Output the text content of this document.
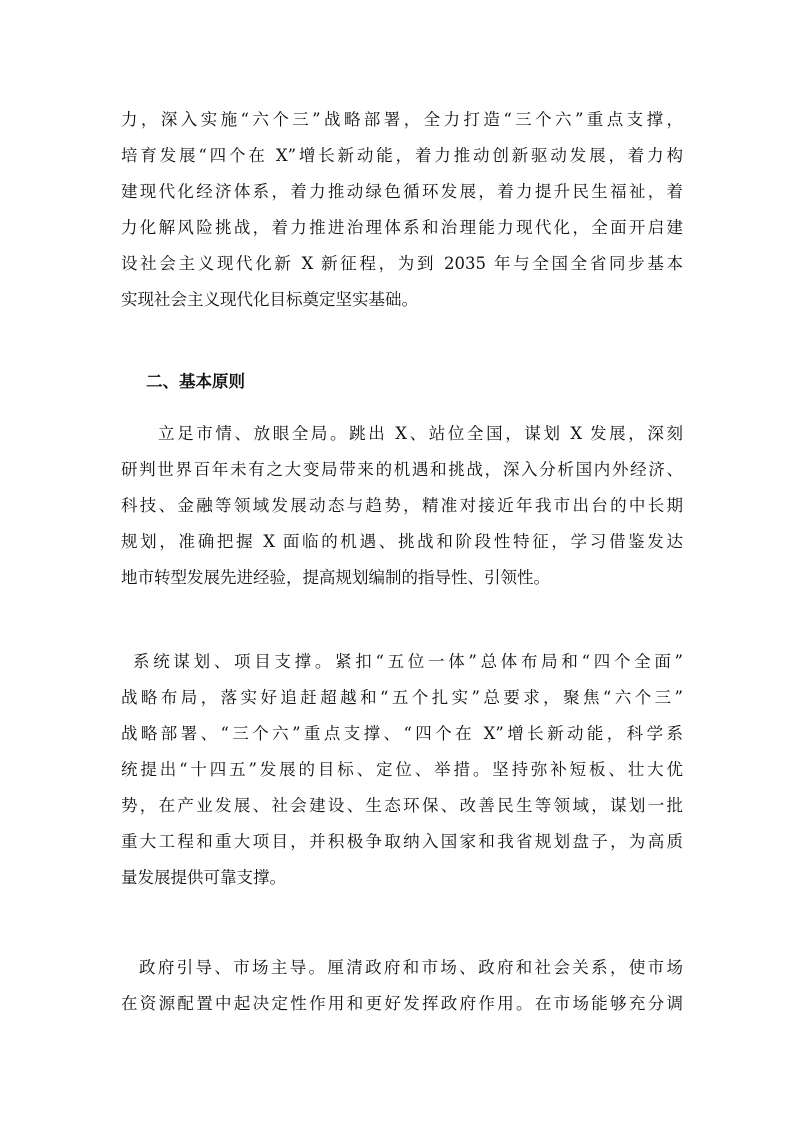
力，深入实施“六个三”战略部署，全力打造“三个六”重点支撑，
培育发展“四个在 X”增长新动能，着力推动创新驱动发展，着力构
建现代化经济体系，着力推动绿色循环发展，着力提升民生福祉，着
力化解风险挑战，着力推进治理体系和治理能力现代化，全面开启建
设社会主义现代化新 X 新征程，为到 2035 年与全国全省同步基本
实现社会主义现代化目标奠定坚实基础。
二、基本原则
立足市情、放眼全局。跳出 X、站位全国，谋划 X 发展，深刻
研判世界百年未有之大变局带来的机遇和挑战，深入分析国内外经济、
科技、金融等领域发展动态与趋势，精准对接近年我市出台的中长期
规划，准确把握 X 面临的机遇、挑战和阶段性特征，学习借鉴发达
地市转型发展先进经验，提高规划编制的指导性、引领性。
系统谋划、项目支撑。紧扣“五位一体”总体布局和“四个全面”
战略布局，落实好追赶超越和“五个扎实”总要求，聚焦“六个三”
战略部署、“三个六”重点支撑、“四个在 X”增长新动能，科学系
统提出“十四五”发展的目标、定位、举措。坚持弥补短板、壮大优
势，在产业发展、社会建设、生态环保、改善民生等领域，谋划一批
重大工程和重大项目，并积极争取纳入国家和我省规划盘子，为高质
量发展提供可靠支撑。
政府引导、市场主导。厘清政府和市场、政府和社会关系，使市场
在资源配置中起决定性作用和更好发挥政府作用。在市场能够充分调
